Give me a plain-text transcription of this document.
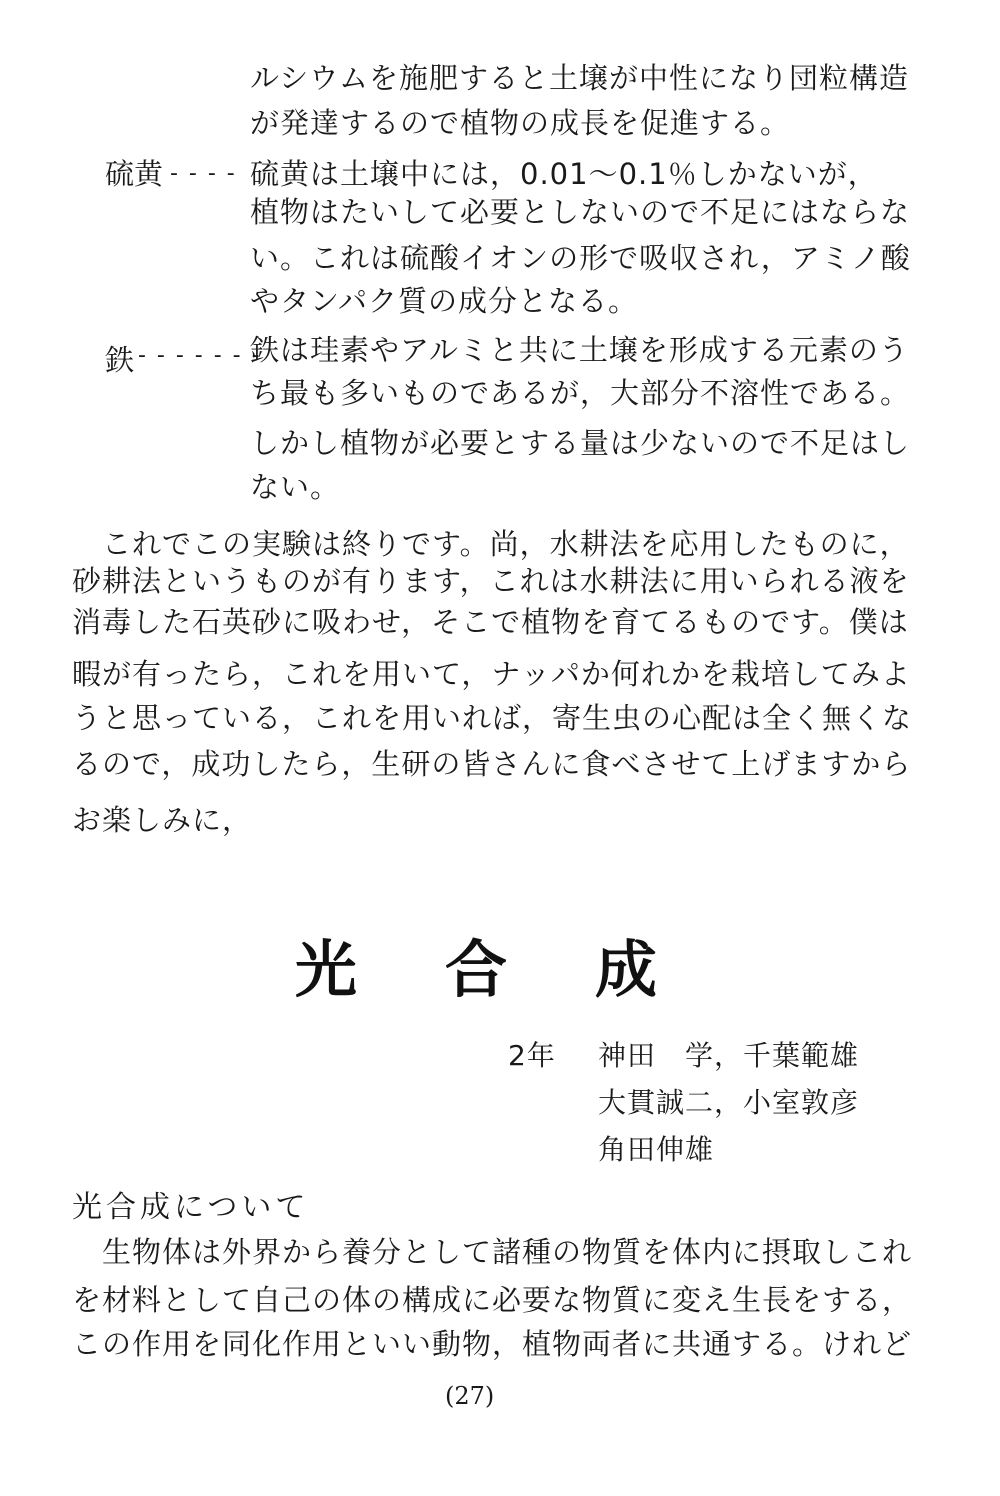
ルシウムを施肥すると土壌が中性になり団粒構造
が発達するので植物の成長を促進する。
硫黄 - - - - 硫黄は土壌中には，0.01～0.1％しかないが，
植物はたいして必要としないので不足にはならな
い。これは硫酸イオンの形で吸収され，アミノ酸
やタンパク質の成分となる。
鉄 - - - - - - -
鉄は珪素やアルミと共に土壌を形成する元素のう
ち最も多いものであるが，大部分不溶性である。
しかし植物が必要とする量は少ないので不足はし
ない。
　これでこの実験は終りです。尚，水耕法を応用したものに，
砂耕法というものが有ります，これは水耕法に用いられる液を
消毒した石英砂に吸わせ，そこで植物を育てるものです。僕は
暇が有ったら，これを用いて，ナッパか何れかを栽培してみよ
うと思っている，これを用いれば，寄生虫の心配は全く無くな
るので，成功したら，生研の皆さんに食べさせて上げますから
お楽しみに，
光合成
2年 神田　学，千葉範雄
大貫誠二，小室敦彦
角田伸雄
光合成について
　生物体は外界から養分として諸種の物質を体内に摂取しこれ
を材料として自己の体の構成に必要な物質に変え生長をする，
この作用を同化作用といい動物，植物両者に共通する。けれど
(27)
